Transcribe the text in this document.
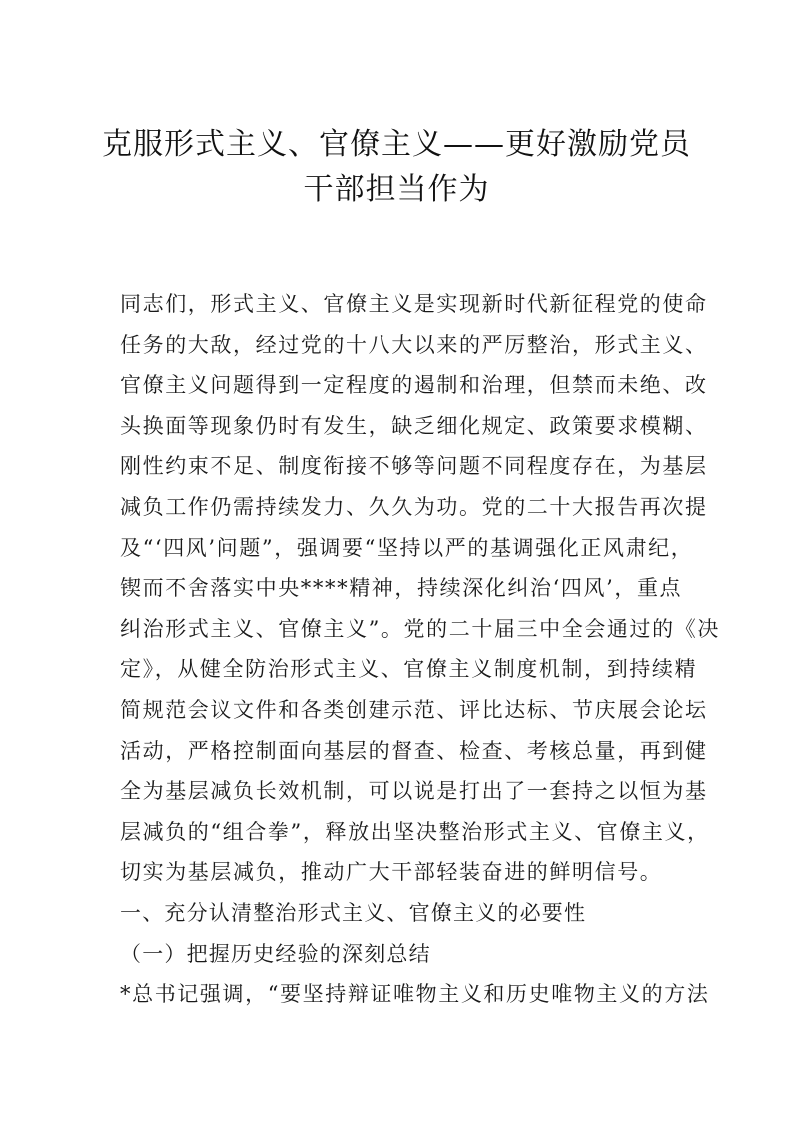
克服形式主义、官僚主义——更好激励党员
干部担当作为
同志们，形式主义、官僚主义是实现新时代新征程党的使命
任务的大敌，经过党的十八大以来的严厉整治，形式主义、
官僚主义问题得到一定程度的遏制和治理，但禁而未绝、改
头换面等现象仍时有发生，缺乏细化规定、政策要求模糊、
刚性约束不足、制度衔接不够等问题不同程度存在，为基层
减负工作仍需持续发力、久久为功。党的二十大报告再次提
及“‘四风’问题”，强调要“坚持以严的基调强化正风肃纪，
锲而不舍落实中央****精神，持续深化纠治‘四风’，重点
纠治形式主义、官僚主义”。党的二十届三中全会通过的《决
定》，从健全防治形式主义、官僚主义制度机制，到持续精
简规范会议文件和各类创建示范、评比达标、节庆展会论坛
活动，严格控制面向基层的督查、检查、考核总量，再到健
全为基层减负长效机制，可以说是打出了一套持之以恒为基
层减负的“组合拳”，释放出坚决整治形式主义、官僚主义，
切实为基层减负，推动广大干部轻装奋进的鲜明信号。
一、充分认清整治形式主义、官僚主义的必要性
（一）把握历史经验的深刻总结
*总书记强调，“要坚持辩证唯物主义和历史唯物主义的方法
